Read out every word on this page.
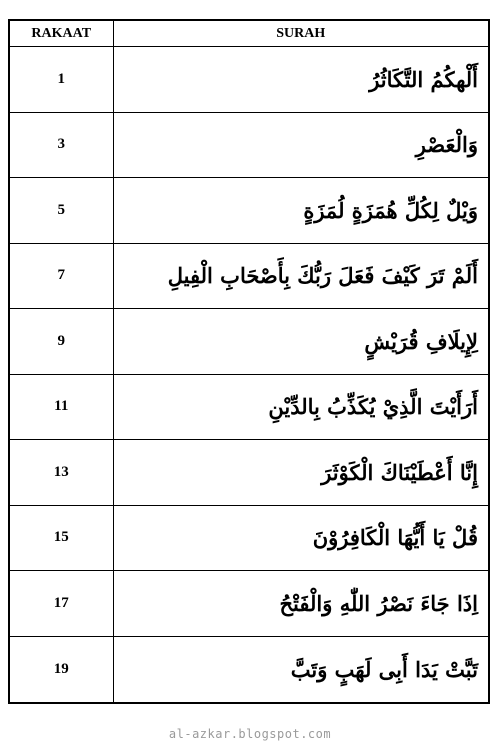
RAKAAT	SURAH
1	أَلْهكُمُ التَّكَاثُرُ
3	وَالْعَصْرِ
5	وَيْلٌ لِكُلِّ هُمَزَةٍ لُمَزَةٍ
7	أَلَمْ تَرَ كَيْفَ فَعَلَ رَبُّكَ بِأَصْحَابِ الْفِيلِ
9	لِإِيلَافِ قُرَيْشٍ
11	أَرَأَيْتَ الَّذِيْ يُكَذِّبُ بِالدِّيْنِ
13	إِنَّا أَعْطَيْنَاكَ الْكَوْثَرَ
15	قُلْ يَا أَيُّهَا الْكَافِرُوْنَ
17	اِذَا جَاءَ نَصْرُ اللّٰهِ وَالْفَتْحُ
19	تَبَّتْ يَدَا أَبِى لَهَبٍ وَتَبَّ
al-azkar.blogspot.com
